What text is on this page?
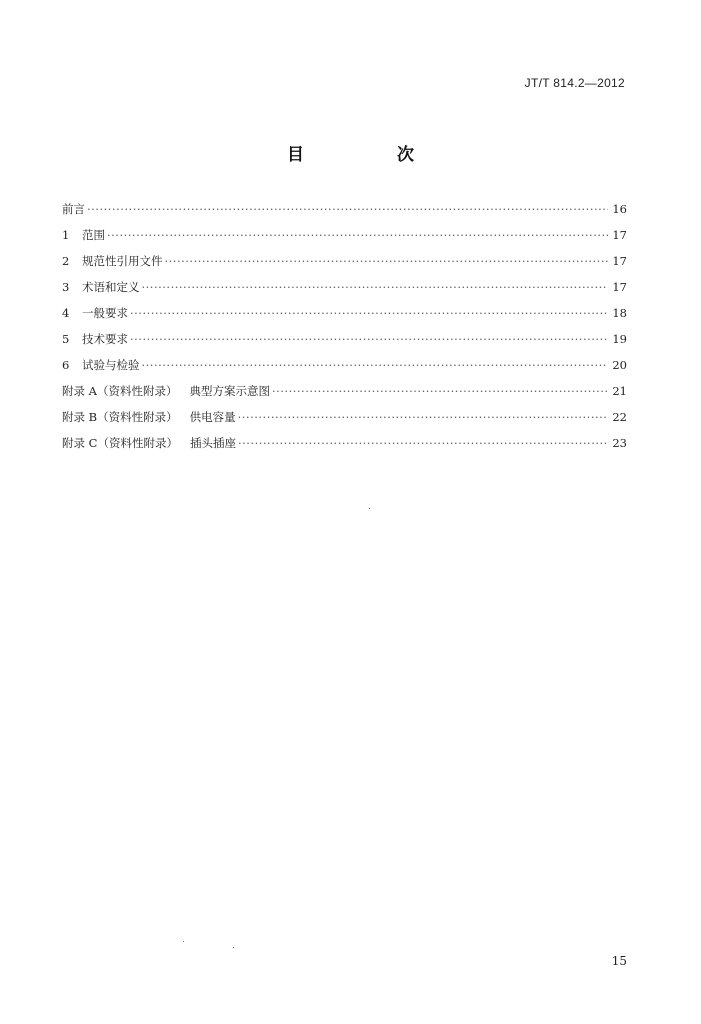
JT/T 814.2—2012
目　次
前言 ·····	16
1	范围 ·····	17
2	规范性引用文件 ·····	17
3	术语和定义 ·····	17
4	一般要求 ·····	18
5	技术要求 ·····	19
6	试验与检验 ·····	20
附录 A（资料性附录） 典型方案示意图 ·····	21
附录 B（资料性附录） 供电容量 ·····	22
附录 C（资料性附录） 插头插座 ·····	23
15
